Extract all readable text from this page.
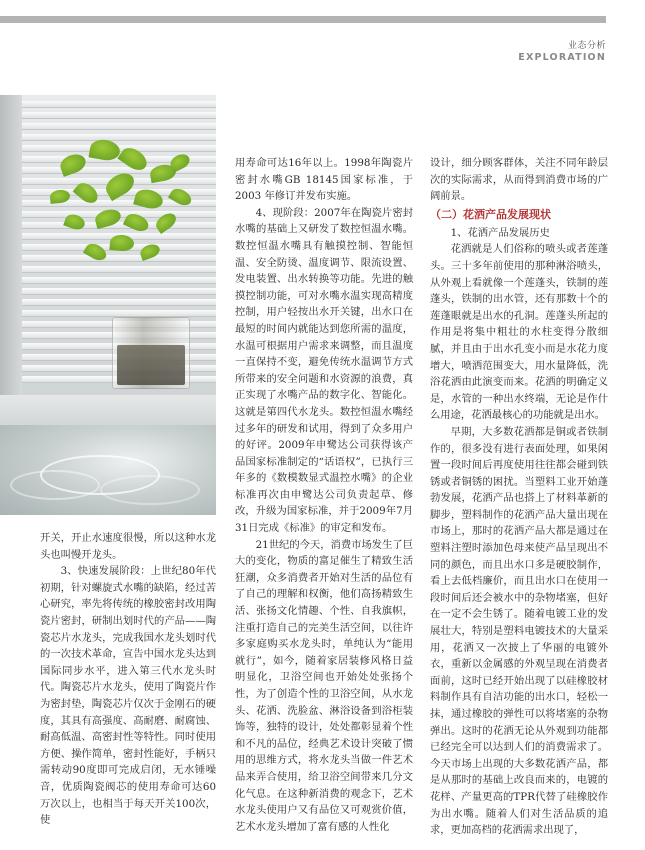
业态分析
EXPLORATION

开关，开止水速度很慢，所以这种水龙头也叫慢开龙头。

3、快速发展阶段：上世纪80年代初期，针对螺旋式水嘴的缺陷，经过苦心研究，率先将传统的橡胶密封改用陶瓷片密封，研制出划时代的产品——陶瓷芯片水龙头，完成我国水龙头划时代的一次技术革命，宣告中国水龙头达到国际同步水平，进入第三代水龙头时代。陶瓷芯片水龙头，使用了陶瓷片作为密封垫，陶瓷芯片仅次于金刚石的硬度，其具有高强度、高耐磨、耐腐蚀、耐高低温、高密封性等特性。同时使用方便、操作简单，密封性能好，手柄只需转动90度即可完成启闭，无水锤噪音，优质陶瓷阀芯的使用寿命可达60万次以上，也相当于每天开关100次，使

用寿命可达16年以上。1998年陶瓷片密封水嘴GB 18145国家标准，于2003 年修订并发布实施。

4、现阶段：2007年在陶瓷片密封水嘴的基础上又研发了数控恒温水嘴。数控恒温水嘴具有触摸控制、智能恒温、安全防烫、温度调节、限流设置、发电装置、出水转换等功能。先进的触摸控制功能，可对水嘴水温实现高精度控制，用户轻按出水开关键，出水口在最短的时间内就能达到您所需的温度，水温可根据用户需求来调整，而且温度一直保持不变，避免传统水温调节方式所带来的安全问题和水资源的浪费，真正实现了水嘴产品的数字化、智能化。这就是第四代水龙头。数控恒温水嘴经过多年的研发和试用，得到了众多用户的好评。2009年申鹭达公司获得该产品国家标准制定的“话语权”，已执行三年多的《数模数显式温控水嘴》的企业标准再次由申鹭达公司负责起草、修改，升级为国家标准，并于2009年7月31日完成《标准》的审定和发布。

21世纪的今天，消费市场发生了巨大的变化，物质的富足催生了精致生活狂潮，众多消费者开始对生活的品位有了自己的理解和权衡，他们高扬精致生活、张扬文化情趣、个性、自我旗帜，注重打造自己的完美生活空间，以往许多家庭购买水龙头时，单纯认为“能用就行”，如今，随着家居装修风格日益明显化，卫浴空间也开始处处张扬个性，为了创造个性的卫浴空间，从水龙头、花洒、洗脸盆、淋浴设备到浴柜装饰等，独特的设计，处处都彰显着个性和不凡的品位，经典艺术设计突破了惯用的思维方式，将水龙头当做一件艺术品来弄合使用，给卫浴空间带来几分文化气息。在这种新消费的观念下，艺术水龙头使用户又有品位又可观赏价值，艺术水龙头增加了富有感的人性化

设计，细分顾客群体，关注不同年龄层次的实际需求，从而得到消费市场的广阔前景。

（二）花洒产品发展现状

1、花洒产品发展历史

花洒就是人们俗称的喷头或者莲蓬头。三十多年前使用的那种淋浴喷头，从外观上看就像一个莲蓬头，铁制的莲蓬头，铁制的出水管，还有那数十个的莲蓬眼就是出水的孔洞。莲蓬头所起的作用是将集中粗壮的水柱变得分散细腻，并且由于出水孔变小而是水花力度增大，喷洒范围变大，用水量降低，洗浴花洒由此演变而来。花洒的明确定义是，水管的一种出水终端，无论是作什么用途，花洒最核心的功能就是出水。

早期，大多数花洒都是铜或者铁制作的，很多没有进行表面处理，如果闲置一段时间后再度使用往往都会碰到铁锈或者铜锈的困扰。当塑料工业开始蓬勃发展，花洒产品也搭上了材料革新的脚步，塑料制作的花洒产品大量出现在市场上，那时的花洒产品大都是通过在塑料注塑时添加色母来使产品呈现出不同的颜色，而且出水口多是硬胶制作，看上去低档廉价，而且出水口在使用一段时间后还会被水中的杂物堵塞，但好在一定不会生锈了。随着电镀工业的发展壮大，特别是塑料电镀技术的大量采用，花洒又一次披上了华丽的电镀外衣，重新以金属感的外观呈现在消费者面前，这时已经开始出现了以硅橡胶材料制作具有自洁功能的出水口，轻松一抹，通过橡胶的弹性可以将堵塞的杂物弹出。这时的花洒无论从外观到功能都已经完全可以达到人们的消费需求了。今天市场上出现的大多数花洒产品，都是从那时的基础上改良而来的，电镀的花样、产量更高的TPR代替了硅橡胶作为出水嘴。随着人们对生活品质的追求，更加高档的花洒需求出现了，
